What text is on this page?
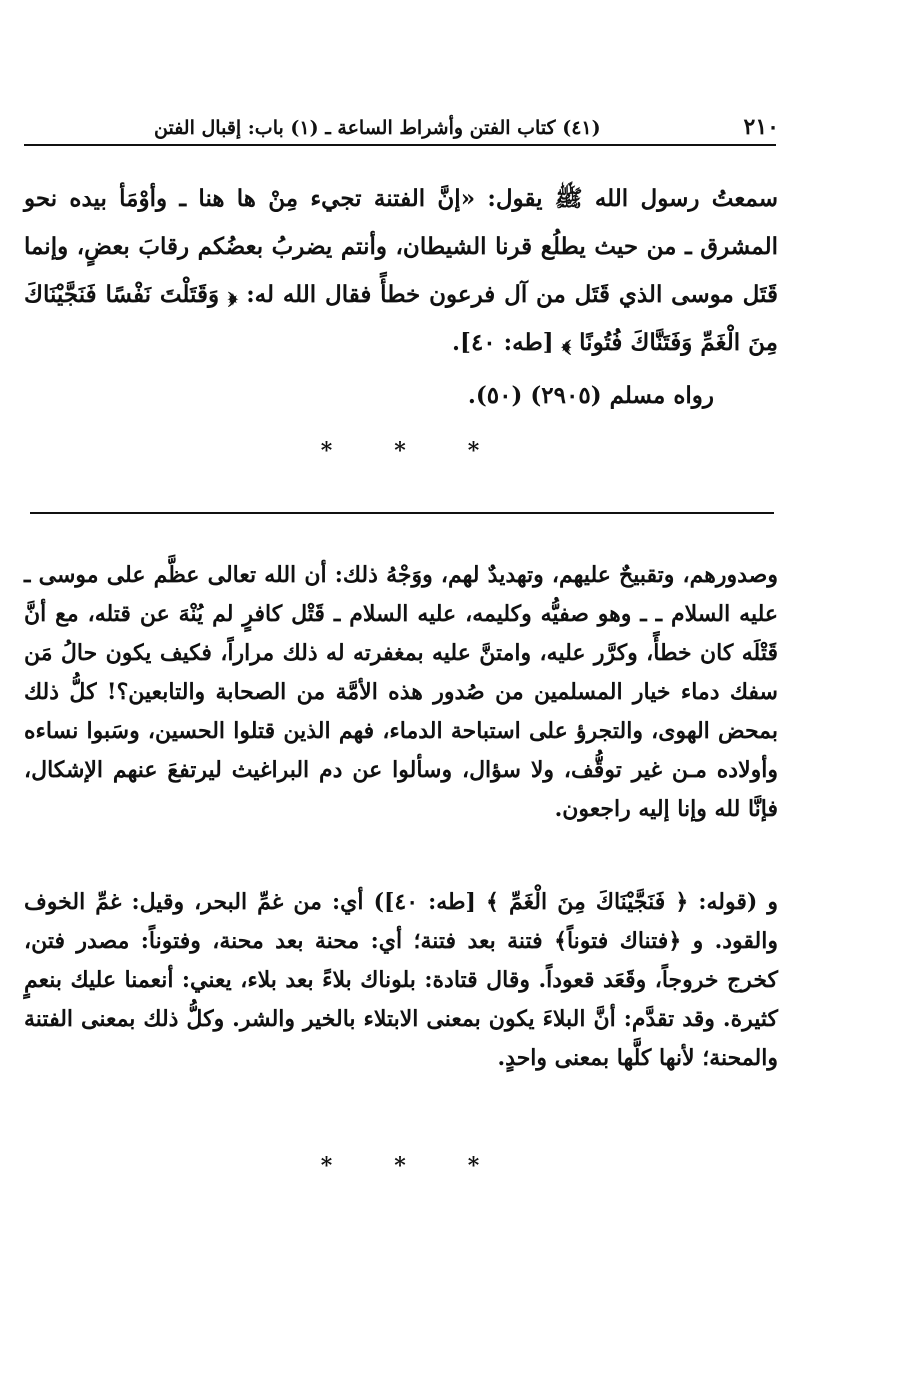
٢١٠
(٤١) كتاب الفتن وأشراط الساعة ـ (١) باب: إقبال الفتن
سمعتُ رسول الله ﷺ يقول: «إنَّ الفتنة تجيء مِنْ ها هنا ـ وأوْمَأ بيده نحو المشرق ـ من حيث يطلُع قرنا الشيطان، وأنتم يضربُ بعضُكم رقابَ بعضٍ، وإنما قَتَل موسى الذي قَتَل من آل فرعون خطأً فقال الله له: ﴿ وَقَتَلْتَ نَفْسًا فَنَجَّيْنَاكَ مِنَ الْغَمِّ وَفَتَنَّاكَ فُتُونًا ﴾ [طه: ٤٠].
رواه مسلم (٢٩٠٥) (٥٠).
*
*
*
وصدورهم، وتقبيحٌ عليهم، وتهديدٌ لهم، ووَجْهُ ذلك: أن الله تعالى عظَّم على موسى ـ عليه السلام ـ ـ وهو صفيُّه وكليمه، عليه السلام ـ قَتْل كافرٍ لم يُنْهَ عن قتله، مع أنَّ قَتْلَه كان خطأً، وكرَّر عليه، وامتنَّ عليه بمغفرته له ذلك مراراً، فكيف يكون حالُ مَن سفك دماء خيار المسلمين من صُدور هذه الأمَّة من الصحابة والتابعين؟! كلُّ ذلك بمحض الهوى، والتجرؤ على استباحة الدماء، فهم الذين قتلوا الحسين، وسَبوا نساءه وأولاده مـن غير توقُّف، ولا سؤال، وسألوا عن دم البراغيث ليرتفعَ عنهم الإشكال، فإنَّا لله وإنا إليه راجعون.
و (قوله: ﴿ فَنَجَّيْنَاكَ مِنَ الْغَمِّ ﴾ [طه: ٤٠]) أي: من غمِّ البحر، وقيل: غمِّ الخوف والقود. و ﴿فتناك فتوناً﴾ فتنة بعد فتنة؛ أي: محنة بعد محنة، وفتوناً: مصدر فتن، كخرج خروجاً، وقَعَد قعوداً. وقال قتادة: بلوناك بلاءً بعد بلاء، يعني: أنعمنا عليك بنعمٍ كثيرة. وقد تقدَّم: أنَّ البلاءَ يكون بمعنى الابتلاء بالخير والشر. وكلُّ ذلك بمعنى الفتنة والمحنة؛ لأنها كلَّها بمعنى واحدٍ.
*
*
*
